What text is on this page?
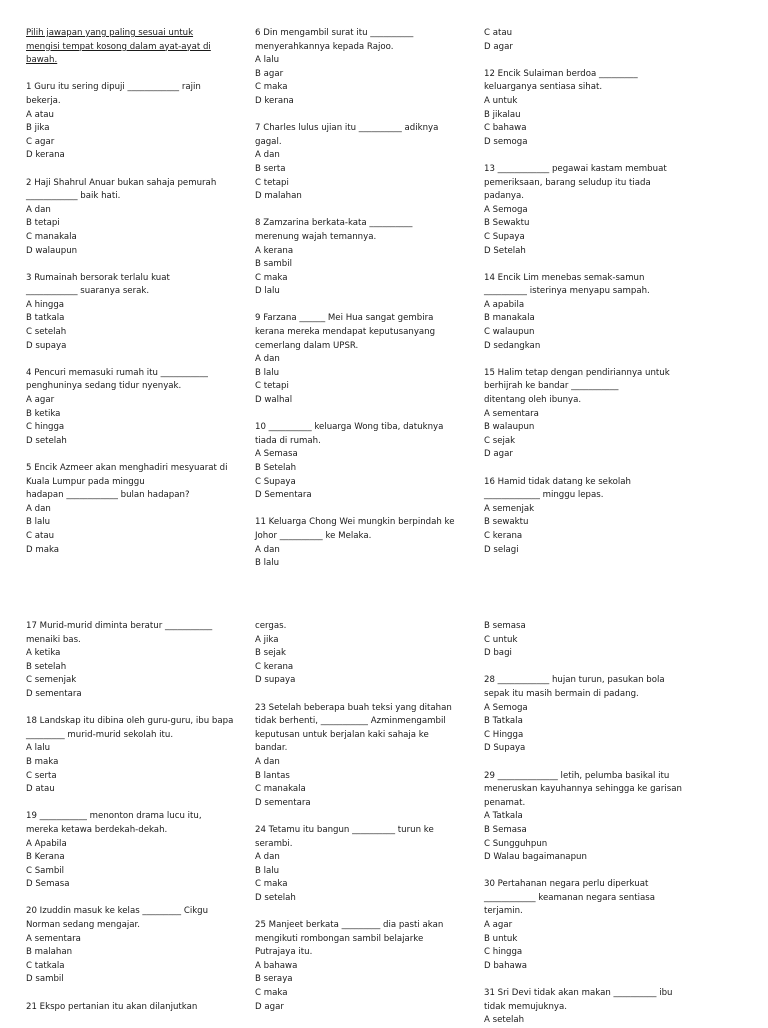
Pilih jawapan yang paling sesuai untuk

mengisi tempat kosong dalam ayat-ayat di

bawah.

1 Guru itu sering dipuji ____________ rajin

bekerja.

A atau

B jika

C agar

D kerana

2 Haji Shahrul Anuar bukan sahaja pemurah

____________ baik hati.

A dan

B tetapi

C manakala

D walaupun

3 Rumainah bersorak terlalu kuat

____________ suaranya serak.

A hingga

B tatkala

C setelah

D supaya

4 Pencuri memasuki rumah itu ___________

penghuninya sedang tidur nyenyak.

A agar

B ketika

C hingga

D setelah

5 Encik Azmeer akan menghadiri mesyuarat di

Kuala Lumpur pada minggu

hadapan ____________ bulan hadapan?

A dan

B lalu

C atau

D maka

6 Din mengambil surat itu __________

menyerahkannya kepada Rajoo.

A lalu

B agar

C maka

D kerana

7 Charles lulus ujian itu __________ adiknya

gagal.

A dan

B serta

C tetapi

D malahan

8 Zamzarina berkata-kata __________

merenung wajah temannya.

A kerana

B sambil

C maka

D lalu

9 Farzana ______ Mei Hua sangat gembira

kerana mereka mendapat keputusanyang

cemerlang dalam UPSR.

A dan

B lalu

C tetapi

D walhal

10 __________ keluarga Wong tiba, datuknya

tiada di rumah.

A Semasa

B Setelah

C Supaya

D Sementara

11 Keluarga Chong Wei mungkin berpindah ke

Johor __________ ke Melaka.

A dan

B lalu

C atau

D agar

12 Encik Sulaiman berdoa _________

keluarganya sentiasa sihat.

A untuk

B jikalau

C bahawa

D semoga

13 ____________ pegawai kastam membuat

pemeriksaan, barang seludup itu tiada

padanya.

A Semoga

B Sewaktu

C Supaya

D Setelah

14 Encik Lim menebas semak-samun

__________ isterinya menyapu sampah.

A apabila

B manakala

C walaupun

D sedangkan

15 Halim tetap dengan pendiriannya untuk

berhijrah ke bandar ___________

ditentang oleh ibunya.

A sementara

B walaupun

C sejak

D agar

16 Hamid tidak datang ke sekolah

_____________ minggu lepas.

A semenjak

B sewaktu

C kerana

D selagi

17 Murid-murid diminta beratur ___________

menaiki bas.

A ketika

B setelah

C semenjak

D sementara

18 Landskap itu dibina oleh guru-guru, ibu bapa

_________ murid-murid sekolah itu.

A lalu

B maka

C serta

D atau

19 ___________ menonton drama lucu itu,

mereka ketawa berdekah-dekah.

A Apabila

B Kerana

C Sambil

D Semasa

20 Izuddin masuk ke kelas _________ Cikgu

Norman sedang mengajar.

A sementara

B malahan

C tatkala

D sambil

21 Ekspo pertanian itu akan dilanjutkan

cergas.

A jika

B sejak

C kerana

D supaya

23 Setelah beberapa buah teksi yang ditahan

tidak berhenti, ___________ Azminmengambil

keputusan untuk berjalan kaki sahaja ke

bandar.

A dan

B lantas

C manakala

D sementara

24 Tetamu itu bangun __________ turun ke

serambi.

A dan

B lalu

C maka

D setelah

25 Manjeet berkata _________ dia pasti akan

mengikuti rombongan sambil belajarke

Putrajaya itu.

A bahawa

B seraya

C maka

D agar

B semasa

C untuk

D bagi

28 ____________ hujan turun, pasukan bola

sepak itu masih bermain di padang.

A Semoga

B Tatkala

C Hingga

D Supaya

29 ______________ letih, pelumba basikal itu

meneruskan kayuhannya sehingga ke garisan

penamat.

A Tatkala

B Semasa

C Sungguhpun

D Walau bagaimanapun

30 Pertahanan negara perlu diperkuat

____________ keamanan negara sentiasa

terjamin.

A agar

B untuk

C hingga

D bahawa

31 Sri Devi tidak akan makan __________ ibu

tidak memujuknya.

A setelah
